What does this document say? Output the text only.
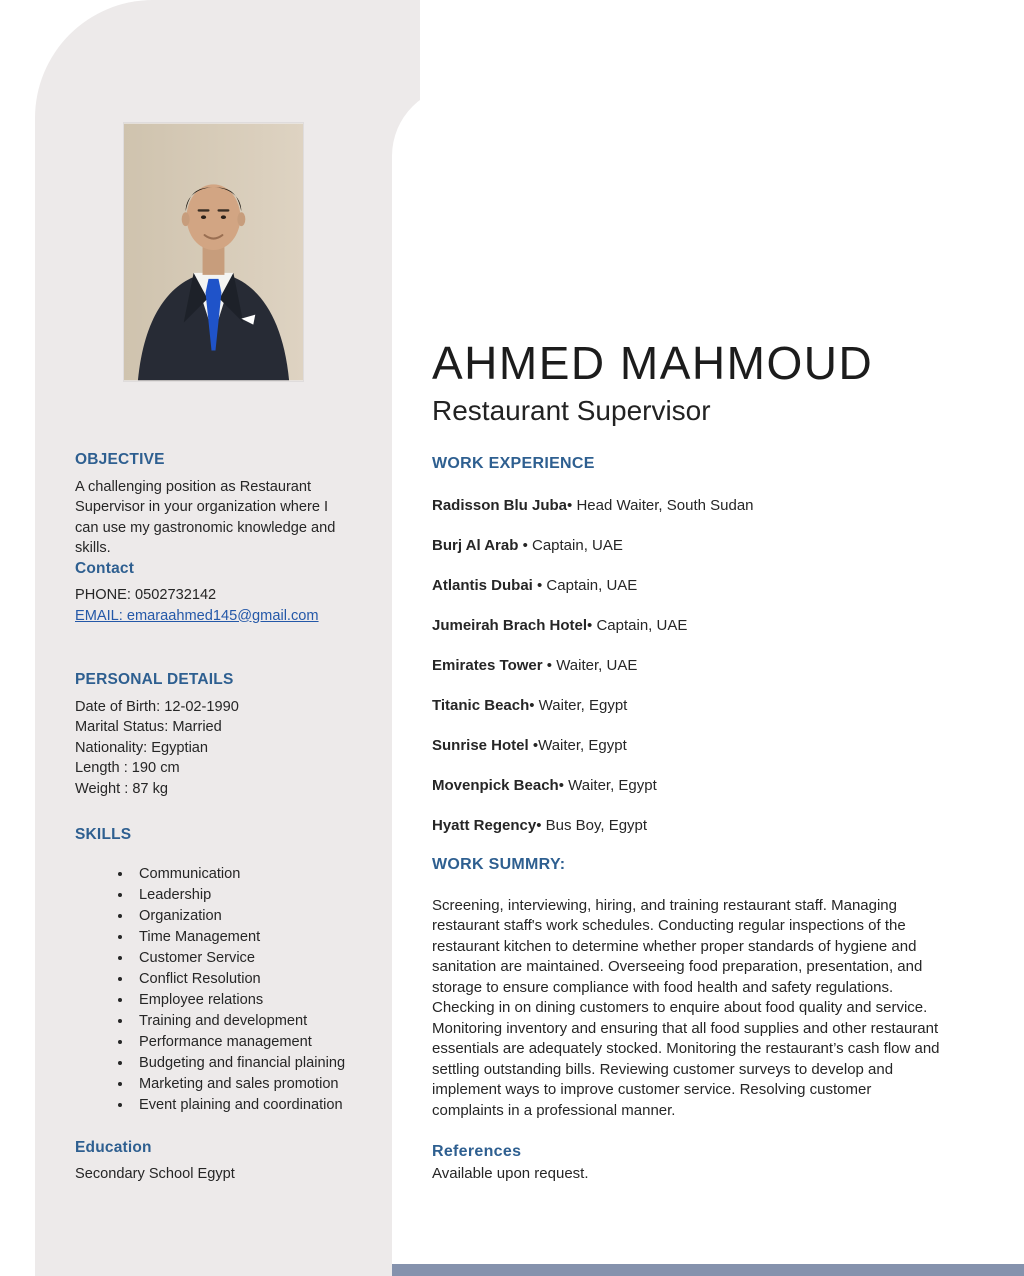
OBJECTIVE

A challenging position as Restaurant Supervisor in your organization where I can use my gastronomic knowledge and skills.

Contact

PHONE: 0502732142

EMAIL: emaraahmed145@gmail.com

PERSONAL DETAILS

Date of Birth: 12-02-1990

Marital Status: Married

Nationality: Egyptian

Length : 190 cm

Weight : 87 kg

SKILLS
• Communication
• Leadership
• Organization
• Time Management
• Customer Service
• Conflict Resolution
• Employee relations
• Training and development
• Performance management
• Budgeting and financial plaining
• Marketing and sales promotion
• Event plaining and coordination
Education

Secondary School Egypt

AHMED MAHMOUD
Restaurant Supervisor
WORK EXPERIENCE

Radisson Blu Juba• Head Waiter, South Sudan

Burj Al Arab • Captain, UAE

Atlantis Dubai • Captain, UAE

Jumeirah Brach Hotel• Captain, UAE

Emirates Tower • Waiter, UAE

Titanic Beach• Waiter, Egypt

Sunrise Hotel •Waiter, Egypt

Movenpick Beach• Waiter, Egypt

Hyatt Regency• Bus Boy, Egypt

WORK SUMMRY:

Screening, interviewing, hiring, and training restaurant staff. Managing restaurant staff's work schedules. Conducting regular inspections of the restaurant kitchen to determine whether proper standards of hygiene and sanitation are maintained. Overseeing food preparation, presentation, and storage to ensure compliance with food health and safety regulations. Checking in on dining customers to enquire about food quality and service. Monitoring inventory and ensuring that all food supplies and other restaurant essentials are adequately stocked. Monitoring the restaurant’s cash flow and settling outstanding bills. Reviewing customer surveys to develop and implement ways to improve customer service. Resolving customer complaints in a professional manner.

References

Available upon request.
